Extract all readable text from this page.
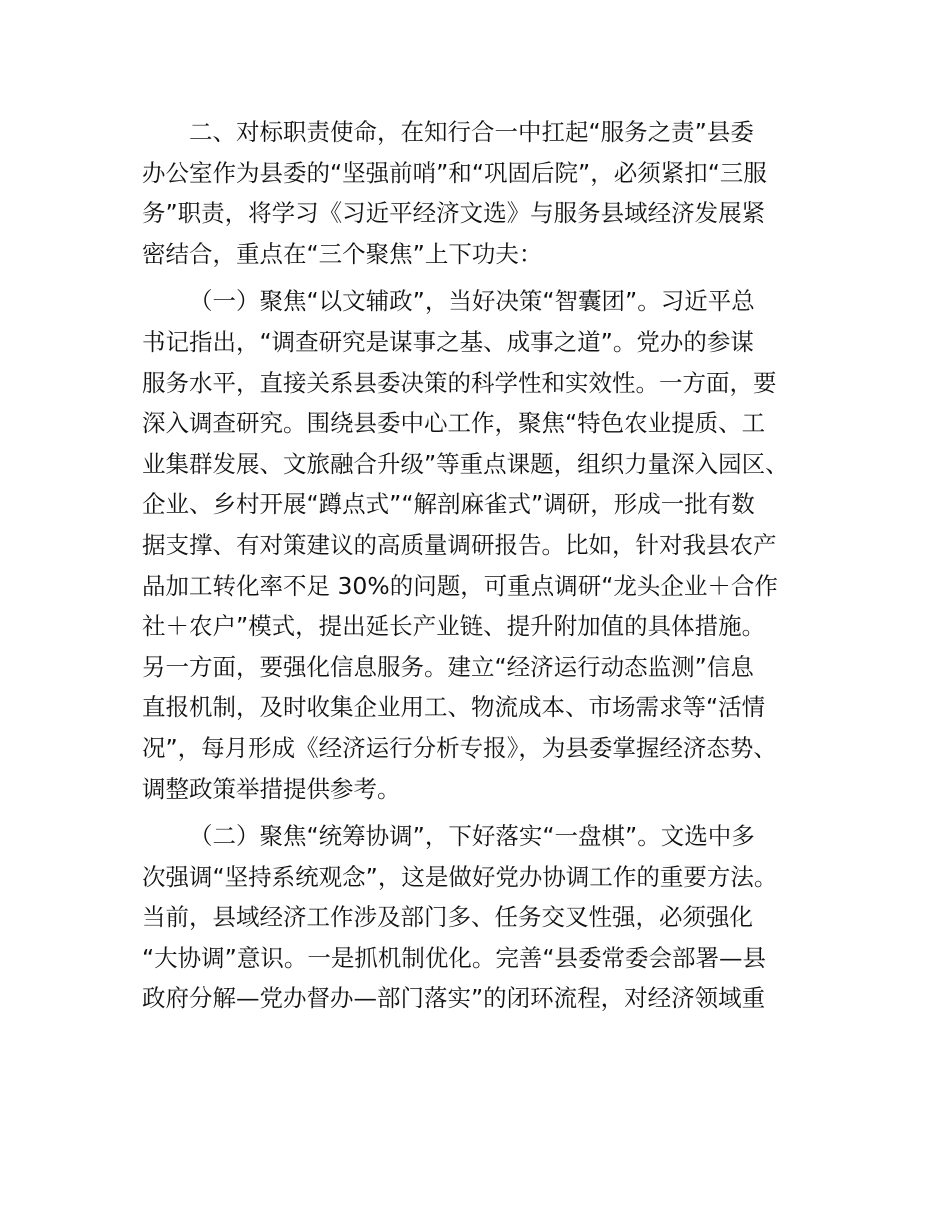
二、对标职责使命，在知行合一中扛起“服务之责”县委
办公室作为县委的“坚强前哨”和“巩固后院”，必须紧扣“三服
务”职责，将学习《习近平经济文选》与服务县域经济发展紧
密结合，重点在“三个聚焦”上下功夫：

（一）聚焦“以文辅政”，当好决策“智囊团”。习近平总
书记指出，“调查研究是谋事之基、成事之道”。党办的参谋
服务水平，直接关系县委决策的科学性和实效性。一方面，要
深入调查研究。围绕县委中心工作，聚焦“特色农业提质、工
业集群发展、文旅融合升级”等重点课题，组织力量深入园区、
企业、乡村开展“蹲点式”“解剖麻雀式”调研，形成一批有数
据支撑、有对策建议的高质量调研报告。比如，针对我县农产
品加工转化率不足 30%的问题，可重点调研“龙头企业＋合作
社＋农户”模式，提出延长产业链、提升附加值的具体措施。
另一方面，要强化信息服务。建立“经济运行动态监测”信息
直报机制，及时收集企业用工、物流成本、市场需求等“活情
况”，每月形成《经济运行分析专报》，为县委掌握经济态势、
调整政策举措提供参考。

（二）聚焦“统筹协调”，下好落实“一盘棋”。文选中多
次强调“坚持系统观念”，这是做好党办协调工作的重要方法。
当前，县域经济工作涉及部门多、任务交叉性强，必须强化
“大协调”意识。一是抓机制优化。完善“县委常委会部署—县
政府分解—党办督办—部门落实”的闭环流程，对经济领域重
